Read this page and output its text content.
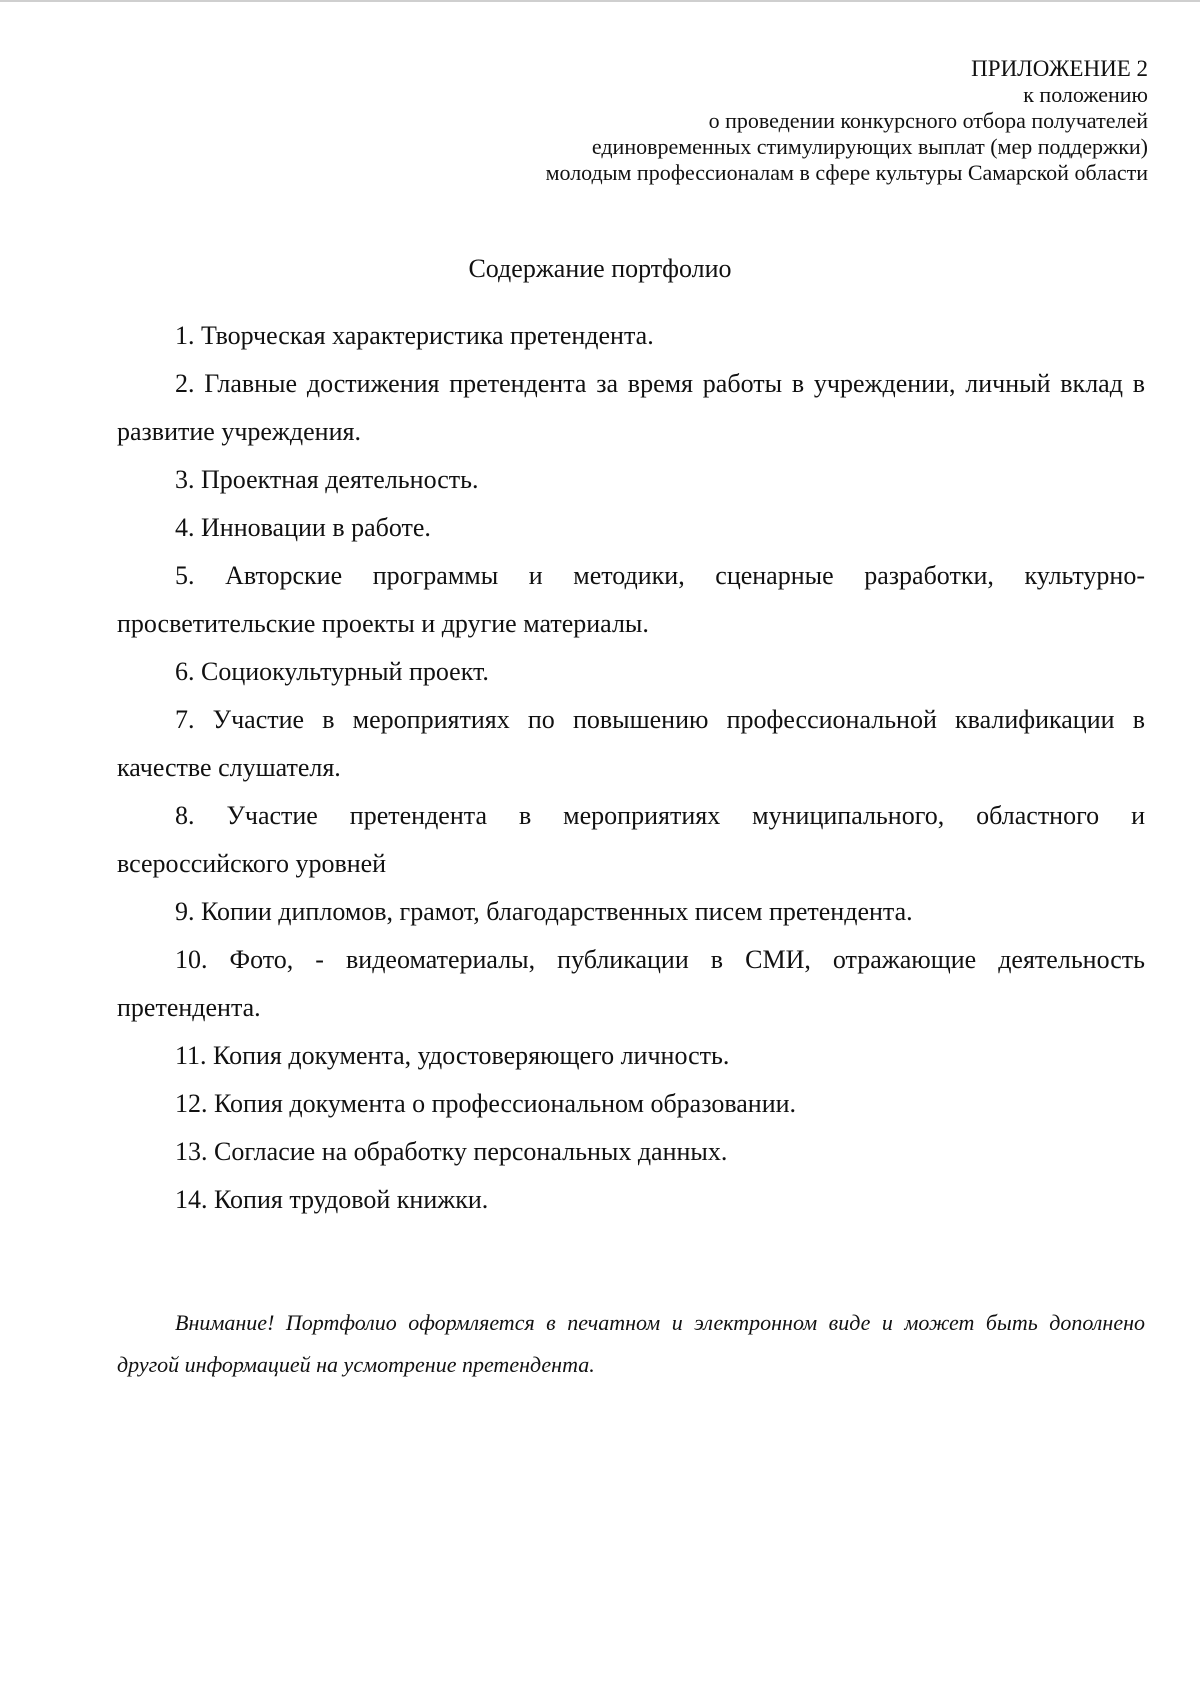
ПРИЛОЖЕНИЕ 2
к положению
о проведении конкурсного отбора получателей
единовременных стимулирующих выплат (мер поддержки)
молодым профессионалам в сфере культуры Самарской области
Содержание портфолио

1. Творческая характеристика претендента.

2. Главные достижения претендента за время работы в учреждении, личный вклад в развитие учреждения.

3. Проектная деятельность.

4. Инновации в работе.

5. Авторские программы и методики, сценарные разработки, культурно-просветительские проекты и другие материалы.

6. Социокультурный проект.

7. Участие в мероприятиях по повышению профессиональной квалификации в качестве слушателя.

8. Участие претендента в мероприятиях муниципального, областного и всероссийского уровней

9. Копии дипломов, грамот, благодарственных писем претендента.

10. Фото, - видеоматериалы, публикации в СМИ, отражающие деятельность претендента.

11. Копия документа, удостоверяющего личность.

12. Копия документа о профессиональном образовании.

13. Согласие на обработку персональных данных.

14. Копия трудовой книжки.

Внимание! Портфолио оформляется в печатном и электронном виде и может быть дополнено другой информацией на усмотрение претендента.
